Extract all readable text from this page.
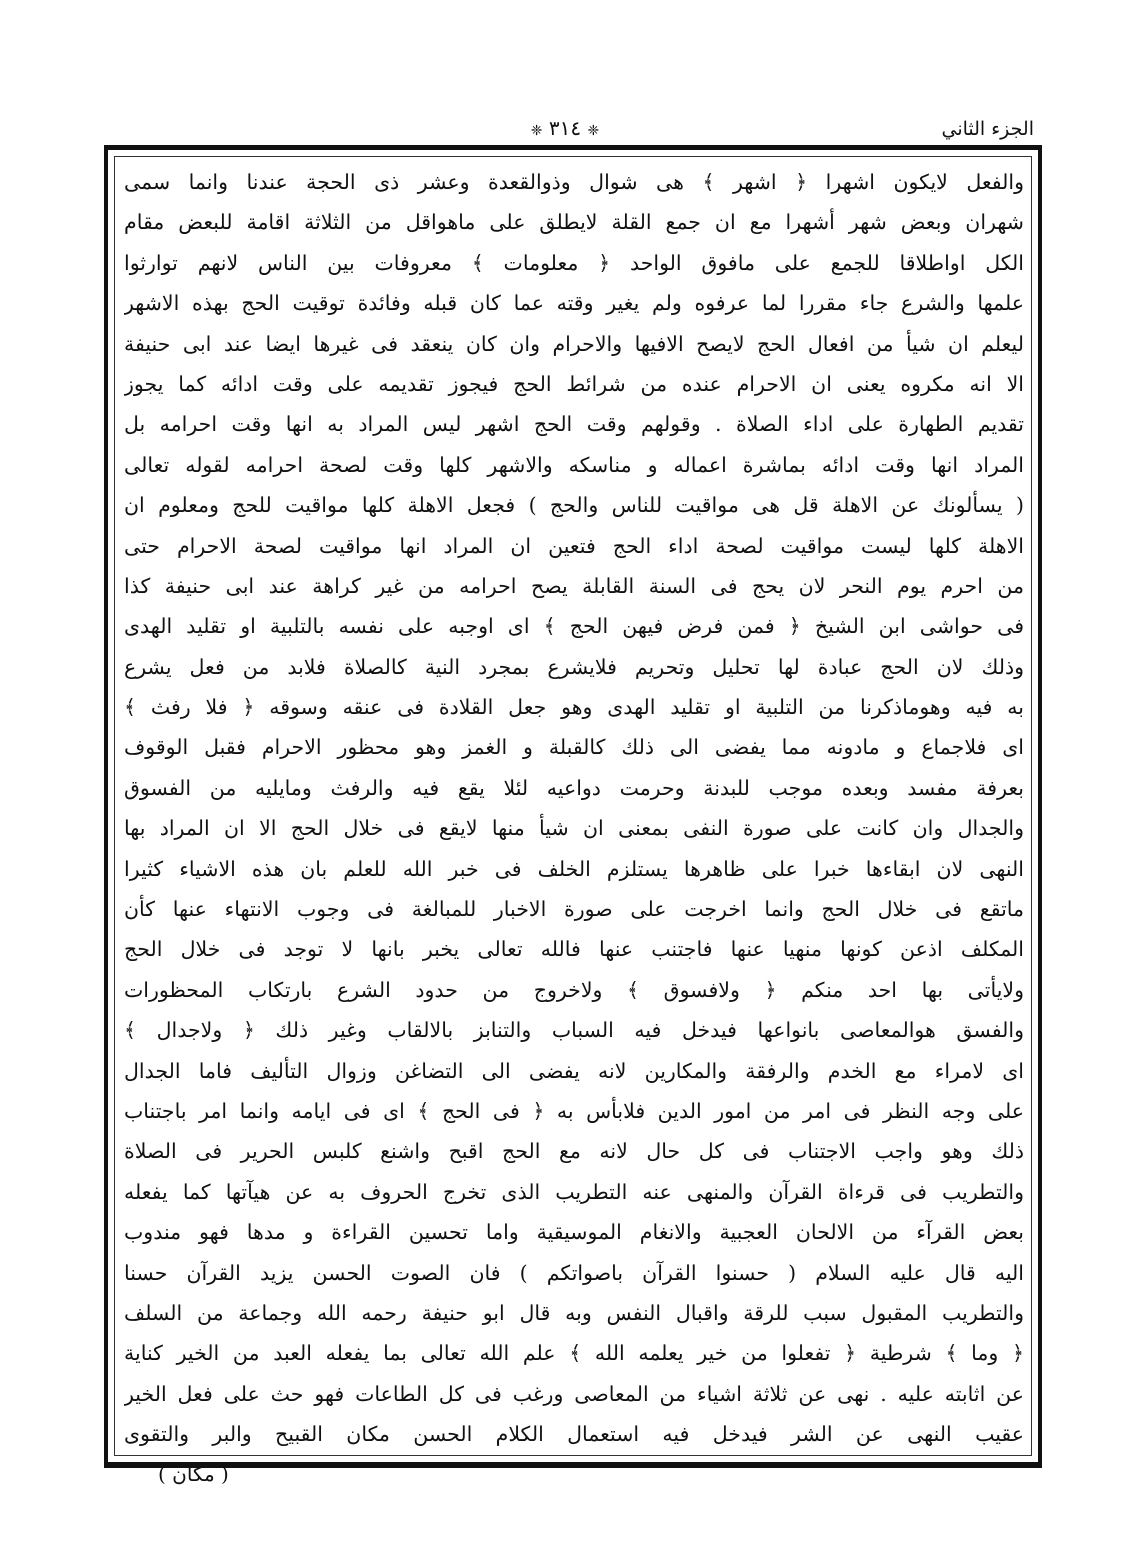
الجزء الثاني
❈ ٣١٤ ❈
والفعل لايكون اشهرا ﴿ اشهر ﴾ هى شوال وذوالقعدة وعشر ذى الحجة عندنا وانما سمى
شهران وبعض شهر أشهرا مع ان جمع القلة لايطلق على ماهواقل من الثلاثة اقامة للبعض مقام
الكل اواطلاقا للجمع على مافوق الواحد ﴿ معلومات ﴾ معروفات بين الناس لانهم توارثوا
علمها والشرع جاء مقررا لما عرفوه ولم يغير وقته عما كان قبله وفائدة توقيت الحج بهذه الاشهر
ليعلم ان شيأ من افعال الحج لايصح الافيها والاحرام وان كان ينعقد فى غيرها ايضا عند ابى حنيفة
الا انه مكروه يعنى ان الاحرام عنده من شرائط الحج فيجوز تقديمه على وقت ادائه كما يجوز
تقديم الطهارة على اداء الصلاة . وقولهم وقت الحج اشهر ليس المراد به انها وقت احرامه بل
المراد انها وقت ادائه بماشرة اعماله و مناسكه والاشهر كلها وقت لصحة احرامه لقوله تعالى
( يسألونك عن الاهلة قل هى مواقيت للناس والحج ) فجعل الاهلة كلها مواقيت للحج ومعلوم ان
الاهلة كلها ليست مواقيت لصحة اداء الحج فتعين ان المراد انها مواقيت لصحة الاحرام حتى
من احرم يوم النحر لان يحج فى السنة القابلة يصح احرامه من غير كراهة عند ابى حنيفة كذا
فى حواشى ابن الشيخ ﴿ فمن فرض فيهن الحج ﴾ اى اوجبه على نفسه بالتلبية او تقليد الهدى
وذلك لان الحج عبادة لها تحليل وتحريم فلايشرع بمجرد النية كالصلاة فلابد من فعل يشرع
به فيه وهوماذكرنا من التلبية او تقليد الهدى وهو جعل القلادة فى عنقه وسوقه ﴿ فلا رفث ﴾
اى فلاجماع و مادونه مما يفضى الى ذلك كالقبلة و الغمز وهو محظور الاحرام فقبل الوقوف
بعرفة مفسد وبعده موجب للبدنة وحرمت دواعيه لئلا يقع فيه والرفث ومايليه من الفسوق
والجدال وان كانت على صورة النفى بمعنى ان شيأ منها لايقع فى خلال الحج الا ان المراد بها
النهى لان ابقاءها خبرا على ظاهرها يستلزم الخلف فى خبر الله للعلم بان هذه الاشياء كثيرا
ماتقع فى خلال الحج وانما اخرجت على صورة الاخبار للمبالغة فى وجوب الانتهاء عنها كأن
المكلف اذعن كونها منهيا عنها فاجتنب عنها فالله تعالى يخبر بانها لا توجد فى خلال الحج
ولايأتى بها احد منكم ﴿ ولافسوق ﴾ ولاخروج من حدود الشرع بارتكاب المحظورات
والفسق هوالمعاصى بانواعها فيدخل فيه السباب والتنابز بالالقاب وغير ذلك ﴿ ولاجدال ﴾
اى لامراء مع الخدم والرفقة والمكارين لانه يفضى الى التضاغن وزوال التأليف فاما الجدال
على وجه النظر فى امر من امور الدين فلابأس به ﴿ فى الحج ﴾ اى فى ايامه وانما امر باجتناب
ذلك وهو واجب الاجتناب فى كل حال لانه مع الحج اقبح واشنع كلبس الحرير فى الصلاة
والتطريب فى قرءاة القرآن والمنهى عنه التطريب الذى تخرج الحروف به عن هيآتها كما يفعله
بعض القرآء من الالحان العجبية والانغام الموسيقية واما تحسين القراءة و مدها فهو مندوب
اليه قال عليه السلام ( حسنوا القرآن باصواتكم ) فان الصوت الحسن يزيد القرآن حسنا
والتطريب المقبول سبب للرقة واقبال النفس وبه قال ابو حنيفة رحمه الله وجماعة من السلف
﴿ وما ﴾ شرطية ﴿ تفعلوا من خير يعلمه الله ﴾ علم الله تعالى بما يفعله العبد من الخير كناية
عن اثابته عليه . نهى عن ثلاثة اشياء من المعاصى ورغب فى كل الطاعات فهو حث على فعل الخير
عقيب النهى عن الشر فيدخل فيه استعمال الكلام الحسن مكان القبيح والبر والتقوى
( مكان )
